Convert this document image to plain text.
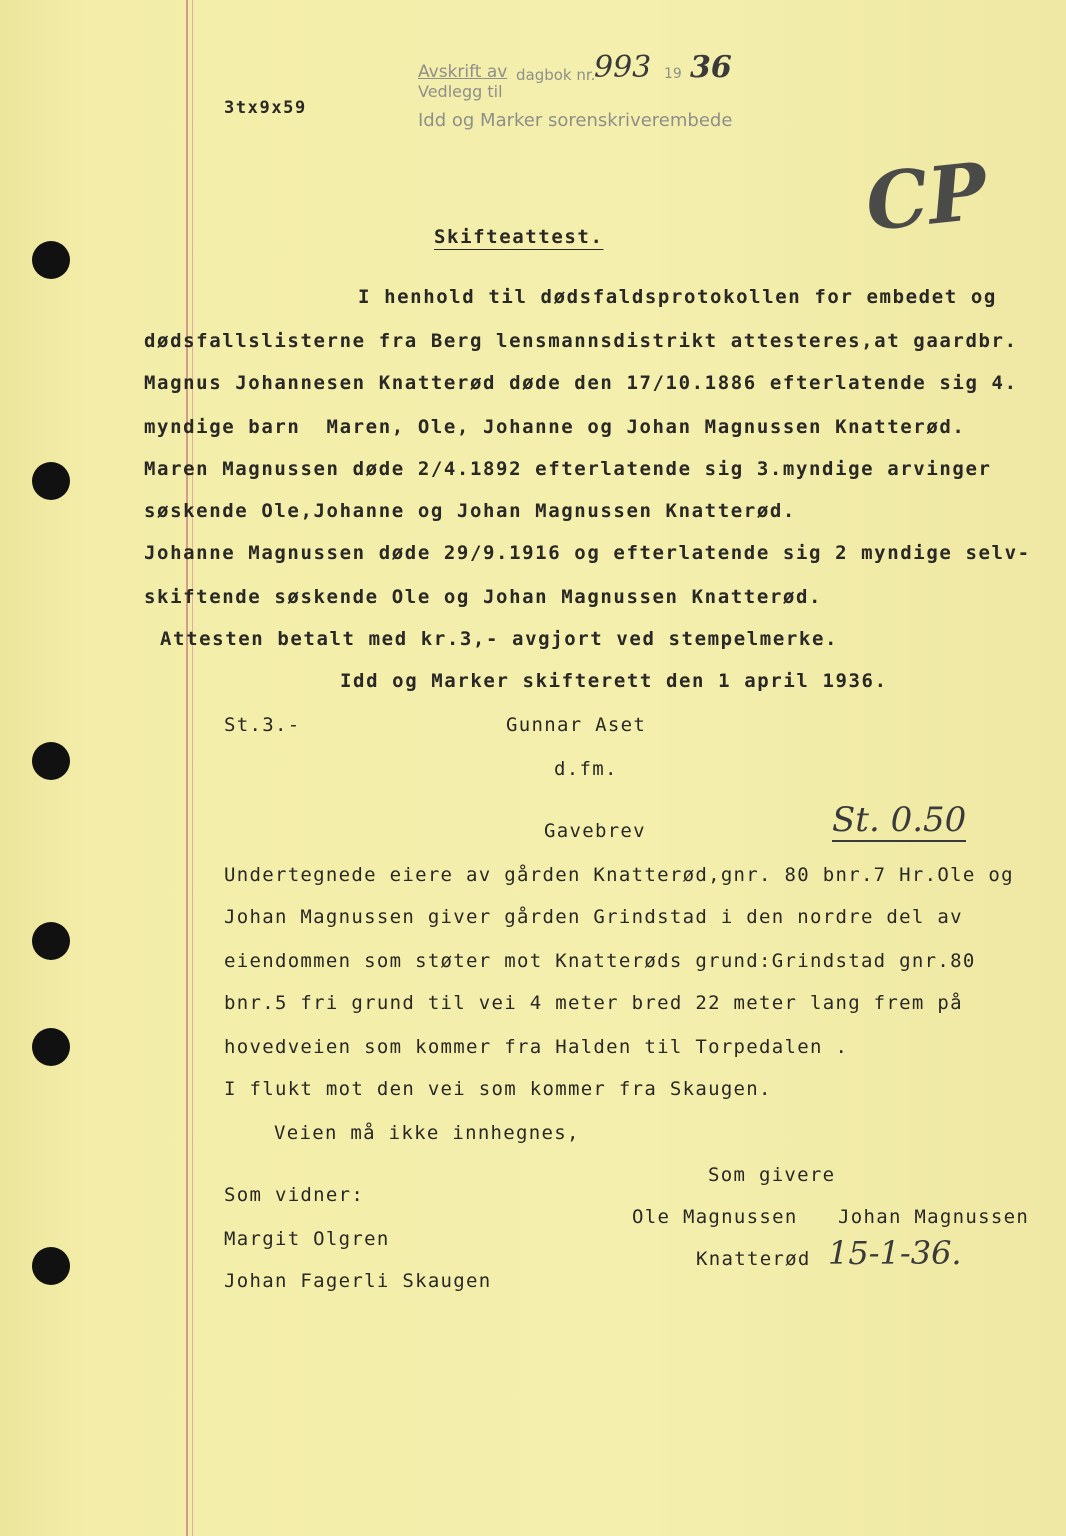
Avskrift av dagbok nr.
993 19 36
Vedlegg til
Idd og Marker sorenskriverembede
3tx9x59
CP
Skifteattest.
I henhold til dødsfaldsprotokollen for embedet og
dødsfallslisterne fra Berg lensmannsdistrikt attesteres,at gaardbr.
Magnus Johannesen Knatterød døde den 17/10.1886 efterlatende sig 4.
myndige barn  Maren, Ole, Johanne og Johan Magnussen Knatterød.
Maren Magnussen døde 2/4.1892 efterlatende sig 3.myndige arvinger
søskende Ole,Johanne og Johan Magnussen Knatterød.
Johanne Magnussen døde 29/9.1916 og efterlatende sig 2 myndige selv-
skiftende søskende Ole og Johan Magnussen Knatterød.
Attesten betalt med kr.3,- avgjort ved stempelmerke.
Idd og Marker skifterett den 1 april 1936.
St.3.-	Gunnar Aset
d.fm.
Gavebrev	St. 0.50
Undertegnede eiere av gården Knatterød,gnr. 80 bnr.7 Hr.Ole og
Johan Magnussen giver gården Grindstad i den nordre del av
eiendommen som støter mot Knatterøds grund:Grindstad gnr.80
bnr.5 fri grund til vei 4 meter bred 22 meter lang frem på
hovedveien som kommer fra Halden til Torpedalen .
I flukt mot den vei som kommer fra Skaugen.
Veien må ikke innhegnes,
Som givere
Som vidner:
Ole Magnussen Johan Magnussen
Margit Olgren
Knatterød 15-1-36.
Johan Fagerli Skaugen
